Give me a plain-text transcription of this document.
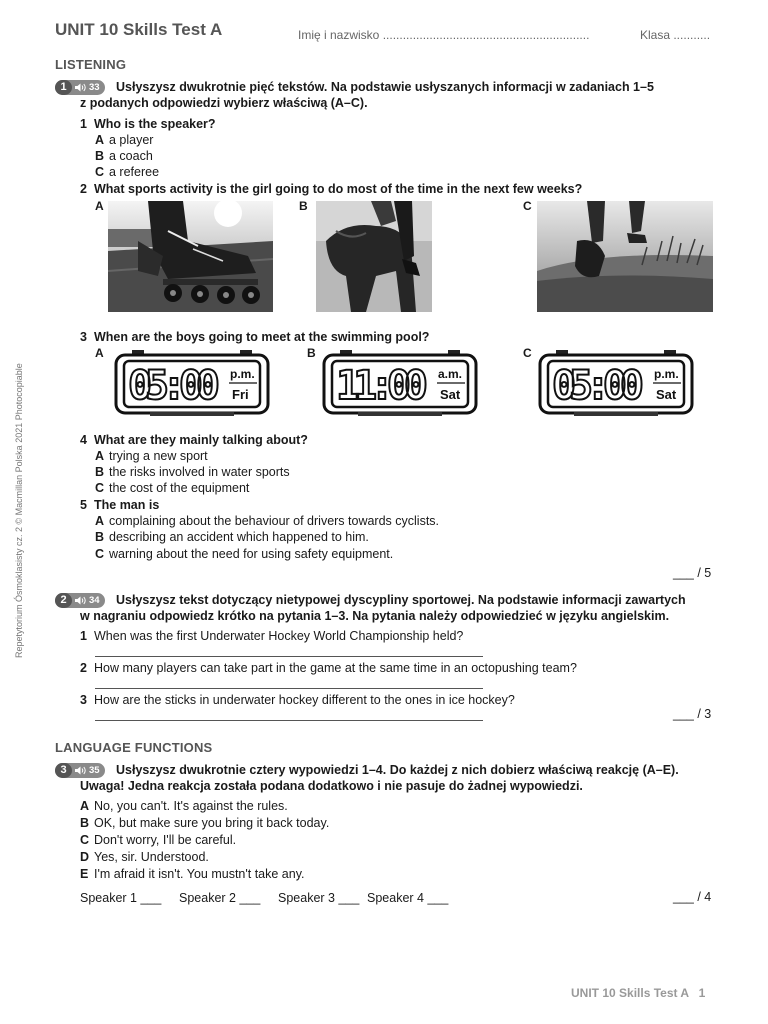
UNIT 10 Skills Test A	Imię i nazwisko ..............................................................	Klasa ...........
Repetytorium Ósmoklasisty cz. 2 © Macmillan Polska 2021 Photocopiable
LISTENING
1	33 Usłyszysz dwukrotnie pięć tekstów. Na podstawie usłyszanych informacji w zadaniach 1–5
z podanych odpowiedzi wybierz właściwą (A–C).
1 Who is the speaker?
A a player
B a coach
C a referee
2 What sports activity is the girl going to do most of the time in the next few weeks?
A	B	C
3 When are the boys going to meet at the swimming pool?
A	B	C
05:00 p.m.
Fri 11:00 a.m.
Sat 05:00 p.m.
Sat
4 What are they mainly talking about?
A trying a new sport
B the risks involved in water sports
C the cost of the equipment
5 The man is
A complaining about the behaviour of drivers towards cyclists.
B describing an accident which happened to him.
C warning about the need for using safety equipment.
___ / 5
2	34 Usłyszysz tekst dotyczący nietypowej dyscypliny sportowej. Na podstawie informacji zawartych
w nagraniu odpowiedz krótko na pytania 1–3. Na pytania należy odpowiedzieć w języku angielskim.
1 When was the first Underwater Hockey World Championship held?
2 How many players can take part in the game at the same time in an octopushing team?
3 How are the sticks in underwater hockey different to the ones in ice hockey?
___ / 3
LANGUAGE FUNCTIONS
3	35 Usłyszysz dwukrotnie cztery wypowiedzi 1–4. Do każdej z nich dobierz właściwą reakcję (A–E).
Uwaga! Jedna reakcja została podana dodatkowo i nie pasuje do żadnej wypowiedzi.
A No, you can't. It's against the rules.
B OK, but make sure you bring it back today.
C Don't worry, I'll be careful.
D Yes, sir. Understood.
E I'm afraid it isn't. You mustn't take any.
Speaker 1 ___ Speaker 2 ___ Speaker 3 ___ Speaker 4 ___	___ / 4
UNIT 10 Skills Test A   1
